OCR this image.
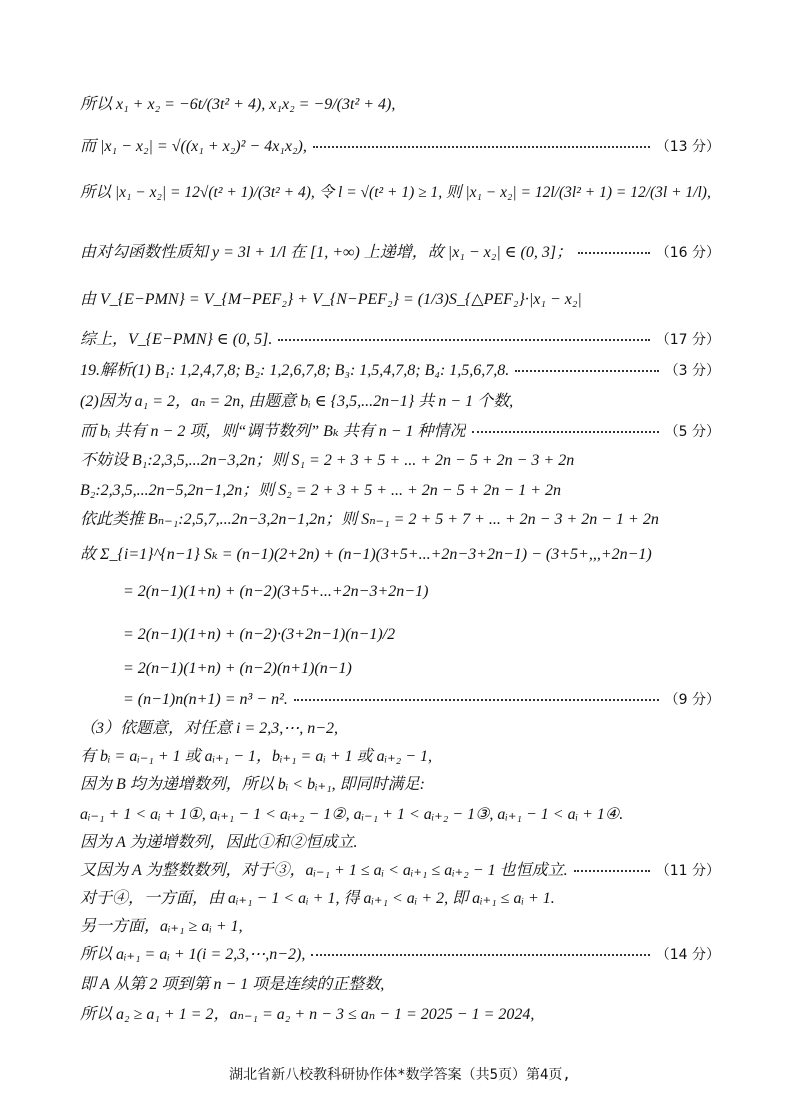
所以 x₁ + x₂ = −6t/(3t² + 4), x₁x₂ = −9/(3t² + 4),
而 |x₁ − x₂| = √((x₁ + x₂)² − 4x₁x₂),	（13 分）
所以 |x₁ − x₂| = 12√(t² + 1)/(3t² + 4), 令 l = √(t² + 1) ≥ 1, 则 |x₁ − x₂| = 12l/(3l² + 1) = 12/(3l + 1/l),
由对勾函数性质知 y = 3l + 1/l 在 [1, +∞) 上递增，故 |x₁ − x₂| ∈ (0, 3]；	（16 分）
由 V_{E−PMN} = V_{M−PEF₂} + V_{N−PEF₂} = (1/3)S_{△PEF₂}·|x₁ − x₂|
综上，V_{E−PMN} ∈ (0, 5].	（17 分）
19.解析(1) B₁: 1,2,4,7,8; B₂: 1,2,6,7,8; B₃: 1,5,4,7,8; B₄: 1,5,6,7,8.	（3 分）
(2)因为 a₁ = 2，aₙ = 2n, 由题意 bᵢ ∈ {3,5,...2n−1} 共 n − 1 个数,
而 bᵢ 共有 n − 2 项，则“调节数列” Bₖ 共有 n − 1 种情况	（5 分）
不妨设 B₁:2,3,5,...2n−3,2n；则 S₁ = 2 + 3 + 5 + ... + 2n − 5 + 2n − 3 + 2n
B₂:2,3,5,...2n−5,2n−1,2n；则 S₂ = 2 + 3 + 5 + ... + 2n − 5 + 2n − 1 + 2n
依此类推 Bₙ₋₁:2,5,7,...2n−3,2n−1,2n；则 Sₙ₋₁ = 2 + 5 + 7 + ... + 2n − 3 + 2n − 1 + 2n
故 Σ_{i=1}^{n−1} Sₖ = (n−1)(2+2n) + (n−1)(3+5+...+2n−3+2n−1) − (3+5+,,,+2n−1)
= 2(n−1)(1+n) + (n−2)(3+5+...+2n−3+2n−1)
= 2(n−1)(1+n) + (n−2)·(3+2n−1)(n−1)/2
= 2(n−1)(1+n) + (n−2)(n+1)(n−1)
= (n−1)n(n+1) = n³ − n².	（9 分）
（3）依题意，对任意 i = 2,3,⋯, n−2,
有 bᵢ = aᵢ₋₁ + 1 或 aᵢ₊₁ − 1，bᵢ₊₁ = aᵢ + 1 或 aᵢ₊₂ − 1,
因为 B 均为递增数列，所以 bᵢ < bᵢ₊₁, 即同时满足:
aᵢ₋₁ + 1 < aᵢ + 1①, aᵢ₊₁ − 1 < aᵢ₊₂ − 1②, aᵢ₋₁ + 1 < aᵢ₊₂ − 1③, aᵢ₊₁ − 1 < aᵢ + 1④.
因为 A 为递增数列，因此①和②恒成立.
又因为 A 为整数数列，对于③，aᵢ₋₁ + 1 ≤ aᵢ < aᵢ₊₁ ≤ aᵢ₊₂ − 1 也恒成立.	（11 分）
对于④，一方面，由 aᵢ₊₁ − 1 < aᵢ + 1, 得 aᵢ₊₁ < aᵢ + 2, 即 aᵢ₊₁ ≤ aᵢ + 1.
另一方面，aᵢ₊₁ ≥ aᵢ + 1,
所以 aᵢ₊₁ = aᵢ + 1(i = 2,3,⋯,n−2),	（14 分）
即 A 从第 2 项到第 n − 1 项是连续的正整数,
所以 a₂ ≥ a₁ + 1 = 2，aₙ₋₁ = a₂ + n − 3 ≤ aₙ − 1 = 2025 − 1 = 2024,
湖北省新八校教科研协作体*数学答案（共5页）第4页,
